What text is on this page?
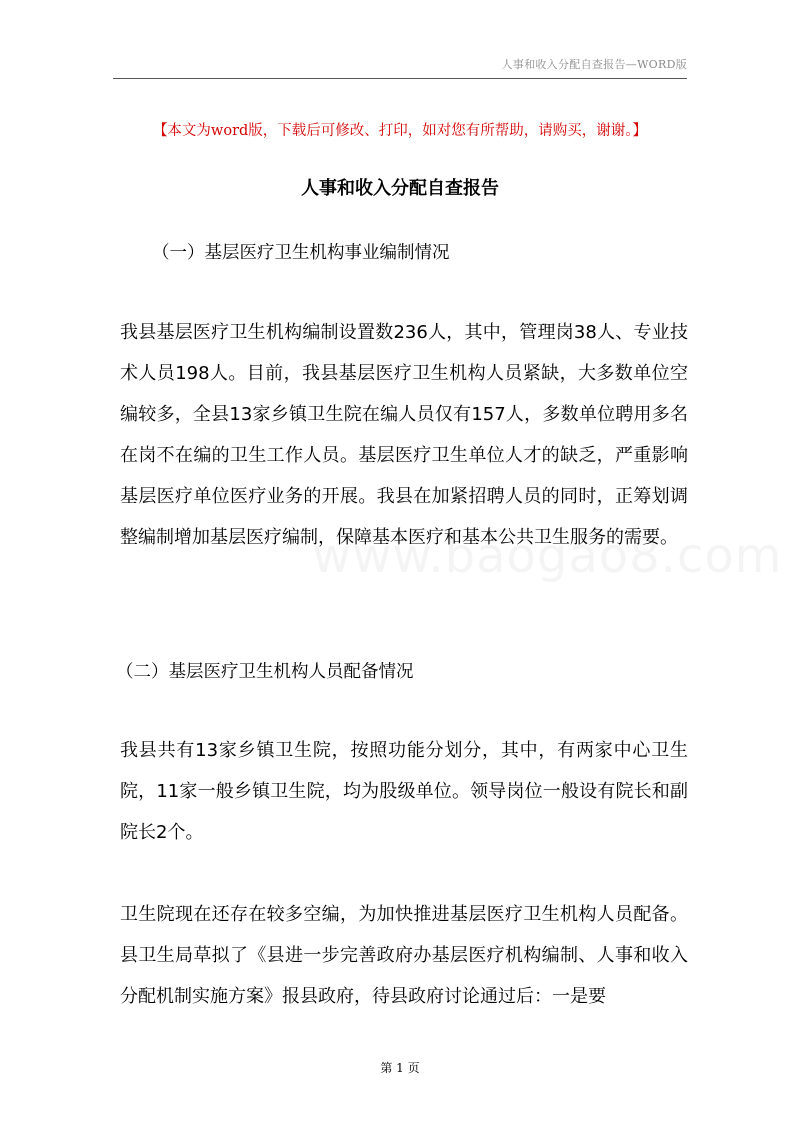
人事和收入分配自查报告—WORD版
【本文为word版，下载后可修改、打印，如对您有所帮助，请购买，谢谢。】
人事和收入分配自查报告
（一）基层医疗卫生机构事业编制情况
我县基层医疗卫生机构编制设置数236人，其中，管理岗38人、专业技术人员198人。目前，我县基层医疗卫生机构人员紧缺，大多数单位空编较多，全县13家乡镇卫生院在编人员仅有157人，多数单位聘用多名在岗不在编的卫生工作人员。基层医疗卫生单位人才的缺乏，严重影响基层医疗单位医疗业务的开展。我县在加紧招聘人员的同时，正筹划调整编制增加基层医疗编制，保障基本医疗和基本公共卫生服务的需要。
（二）基层医疗卫生机构人员配备情况
我县共有13家乡镇卫生院，按照功能分划分，其中，有两家中心卫生院，11家一般乡镇卫生院，均为股级单位。领导岗位一般设有院长和副院长2个。
卫生院现在还存在较多空编，为加快推进基层医疗卫生机构人员配备。县卫生局草拟了《县进一步完善政府办基层医疗机构编制、人事和收入分配机制实施方案》报县政府，待县政府讨论通过后：一是要
第 1 页
